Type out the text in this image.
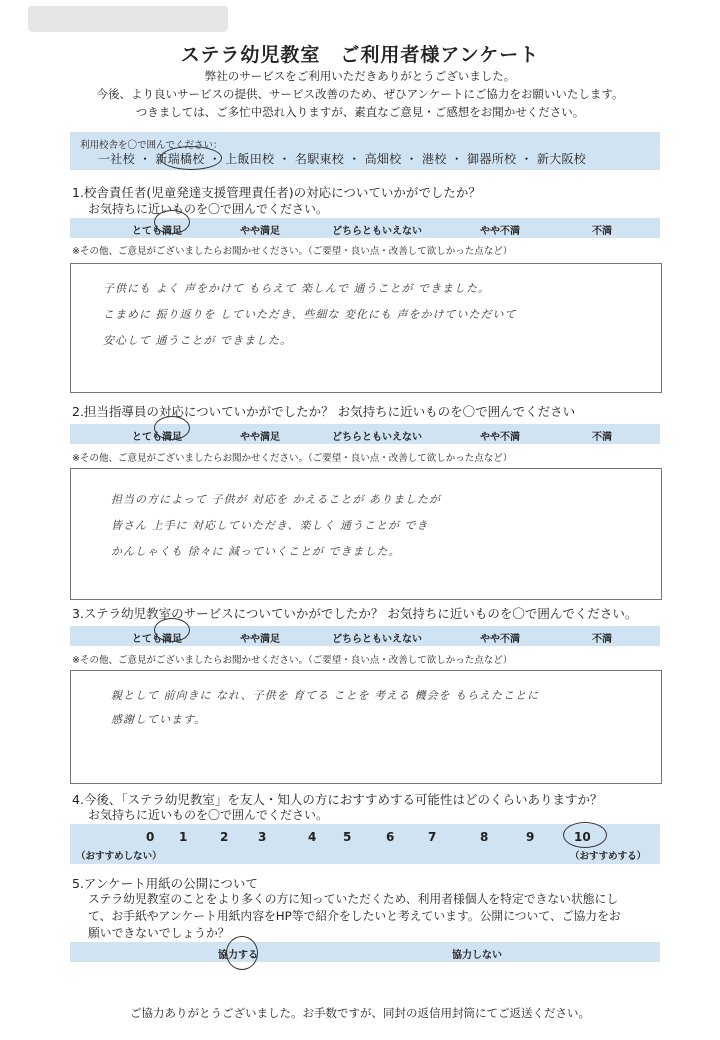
ステラ幼児教室　ご利用者様アンケート
弊社のサービスをご利用いただきありがとうございました。
今後、より良いサービスの提供、サービス改善のため、ぜひアンケートにご協力をお願いいたします。
つきましては、ご多忙中恐れ入りますが、素直なご意見・ご感想をお聞かせください。
利用校舎を〇で囲んでください：
一社校 ・ 新瑞橋校 ・ 上飯田校 ・ 名駅東校 ・ 高畑校 ・ 港校 ・ 御器所校 ・ 新大阪校
1.校舎責任者(児童発達支援管理責任者)の対応についていかがでしたか？
お気持ちに近いものを〇で囲んでください。
とても満足	やや満足	どちらともいえない	やや不満	不満
※その他、ご意見がございましたらお聞かせください。（ご要望・良い点・改善して欲しかった点など）
子供にも よく 声をかけて もらえて 楽しんで 通うことが できました。
こまめに 振り返りを していただき、些細な 変化にも 声をかけていただいて
安心して 通うことが できました。
2.担当指導員の対応についていかがでしたか？ お気持ちに近いものを〇で囲んでください
とても満足	やや満足	どちらともいえない	やや不満	不満
※その他、ご意見がございましたらお聞かせください。（ご要望・良い点・改善して欲しかった点など）
担当の方によって 子供が 対応を かえることが ありましたが
皆さん 上手に 対応していただき、楽しく 通うことが でき
かんしゃくも 徐々に 減っていくことが できました。
3.ステラ幼児教室のサービスについていかがでしたか？ お気持ちに近いものを〇で囲んでください。
とても満足	やや満足	どちらともいえない	やや不満	不満
※その他、ご意見がございましたらお聞かせください。（ご要望・良い点・改善して欲しかった点など）
親として 前向きに なれ、子供を 育てる ことを 考える 機会を もらえたことに
感謝しています。
4.今後、「ステラ幼児教室」を友人・知人の方におすすめする可能性はどのくらいありますか？
お気持ちに近いものを〇で囲んでください。
0 1	2 3	4 5	6	7	8	9	10
（おすすめしない）	（おすすめする）
5.アンケート用紙の公開について
ステラ幼児教室のことをより多くの方に知っていただくため、利用者様個人を特定できない状態にし
て、お手紙やアンケート用紙内容をHP等で紹介をしたいと考えています。公開について、ご協力をお
願いできないでしょうか？
協力する	協力しない
ご協力ありがとうございました。お手数ですが、同封の返信用封筒にてご返送ください。
